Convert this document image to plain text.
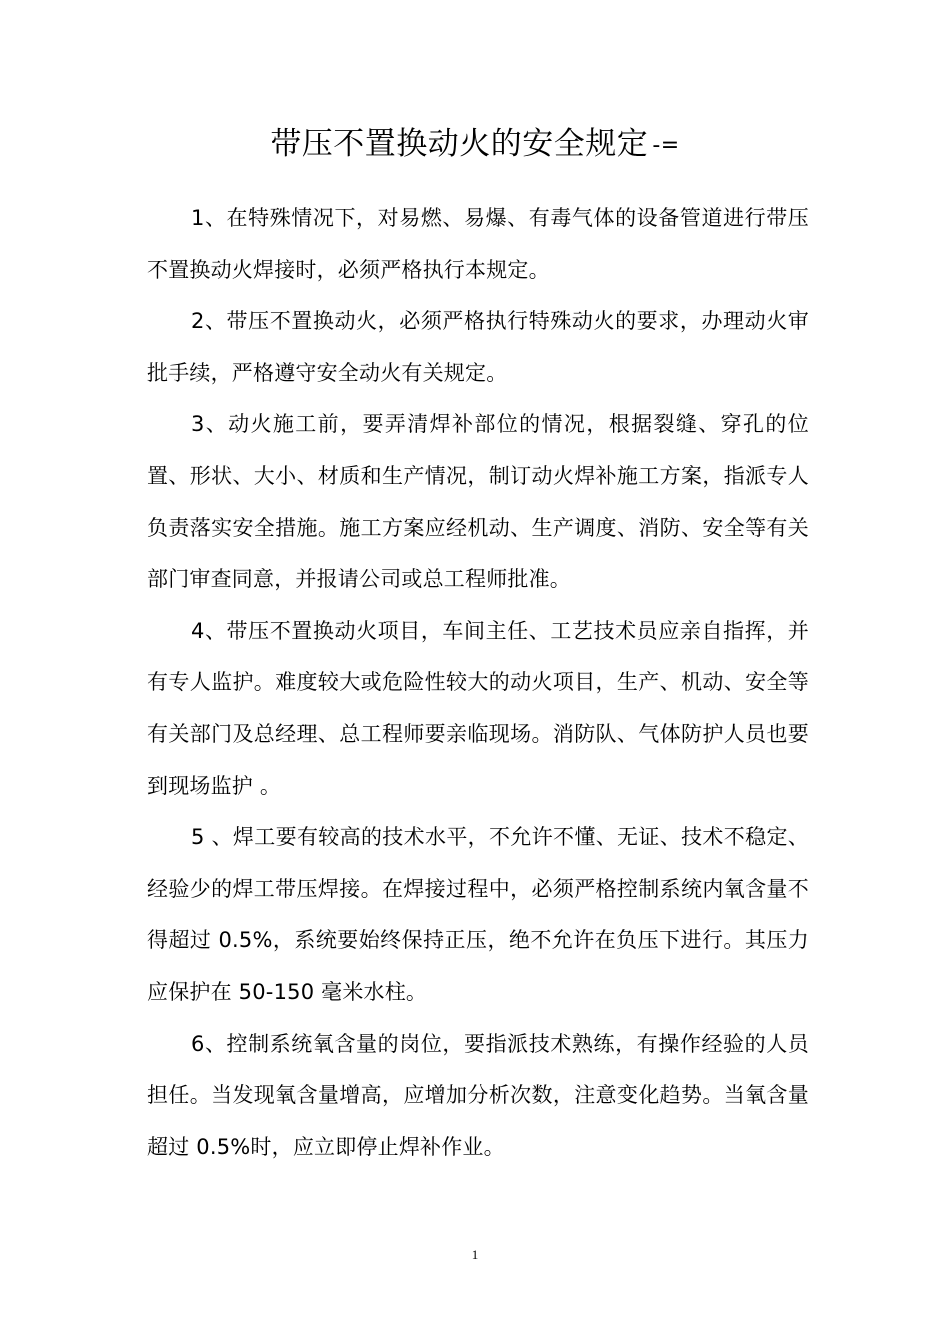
带压不置换动火的安全规定 -=

1、在特殊情况下，对易燃、易爆、有毒气体的设备管道进行带压不置换动火焊接时，必须严格执行本规定。

2、带压不置换动火，必须严格执行特殊动火的要求，办理动火审批手续，严格遵守安全动火有关规定。

3、动火施工前，要弄清焊补部位的情况，根据裂缝、穿孔的位置、形状、大小、材质和生产情况，制订动火焊补施工方案，指派专人负责落实安全措施。施工方案应经机动、生产调度、消防、安全等有关部门审查同意，并报请公司或总工程师批准。

4、带压不置换动火项目，车间主任、工艺技术员应亲自指挥，并有专人监护。难度较大或危险性较大的动火项目，生产、机动、安全等有关部门及总经理、总工程师要亲临现场。消防队、气体防护人员也要到现场监护 。

5 、焊工要有较高的技术水平，不允许不懂、无证、技术不稳定、经验少的焊工带压焊接。在焊接过程中，必须严格控制系统内氧含量不得超过 0.5%，系统要始终保持正压，绝不允许在负压下进行。其压力应保护在 50-150 毫米水柱。

6、控制系统氧含量的岗位，要指派技术熟练，有操作经验的人员担任。当发现氧含量增高，应增加分析次数，注意变化趋势。当氧含量超过 0.5%时，应立即停止焊补作业。

1
